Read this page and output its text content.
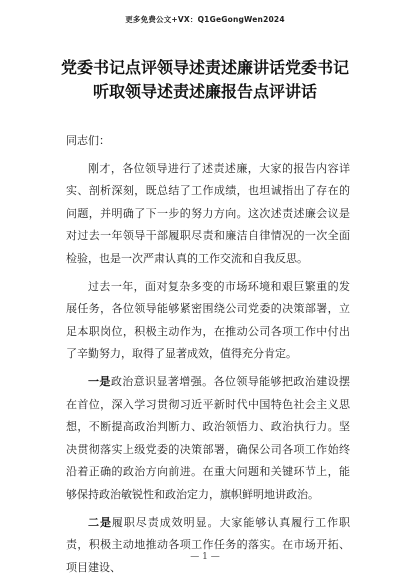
更多免费公文+VX：Q1GeGongWen2024
党委书记点评领导述责述廉讲话党委书记
听取领导述责述廉报告点评讲话

同志们：

刚才，各位领导进行了述责述廉，大家的报告内容详实、剖析深刻，既总结了工作成绩，也坦诚指出了存在的问题，并明确了下一步的努力方向。这次述责述廉会议是对过去一年领导干部履职尽责和廉洁自律情况的一次全面检验，也是一次严肃认真的工作交流和自我反思。

过去一年，面对复杂多变的市场环境和艰巨繁重的发展任务，各位领导能够紧密围绕公司党委的决策部署，立足本职岗位，积极主动作为，在推动公司各项工作中付出了辛勤努力，取得了显著成效，值得充分肯定。

一是政治意识显著增强。各位领导能够把政治建设摆在首位，深入学习贯彻习近平新时代中国特色社会主义思想，不断提高政治判断力、政治领悟力、政治执行力。坚决贯彻落实上级党委的决策部署，确保公司各项工作始终沿着正确的政治方向前进。在重大问题和关键环节上，能够保持政治敏锐性和政治定力，旗帜鲜明地讲政治。

二是履职尽责成效明显。大家能够认真履行工作职责，积极主动地推动各项工作任务的落实。在市场开拓、项目建设、

— 1 —
